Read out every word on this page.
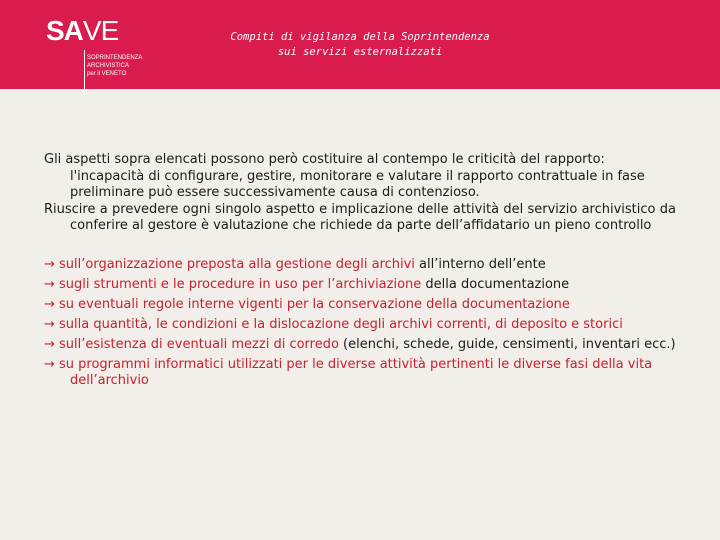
SA VE
SOPRINTENDENZA
ARCHIVISTICA
per il VENETO
Compiti di vigilanza della Soprintendenza
sui servizi esternalizzati

Gli aspetti sopra elencati possono però costituire al contempo le criticità del rapporto: l'incapacità di configurare, gestire, monitorare e valutare il rapporto contrattuale in fase preliminare può essere successivamente causa di contenzioso.

Riuscire a prevedere ogni singolo aspetto e implicazione delle attività del servizio archivistico da conferire al gestore è valutazione che richiede da parte dell’affidatario un pieno controllo

→ sull’organizzazione preposta alla gestione degli archivi all’interno dell’ente

→ sugli strumenti e le procedure in uso per l’archiviazione della documentazione

→ su eventuali regole interne vigenti per la conservazione della documentazione

→ sulla quantità, le condizioni e la dislocazione degli archivi correnti, di deposito e storici

→ sull’esistenza di eventuali mezzi di corredo (elenchi, schede, guide, censimenti, inventari ecc.)

→ su programmi informatici utilizzati per le diverse attività pertinenti le diverse fasi della vita dell’archivio
